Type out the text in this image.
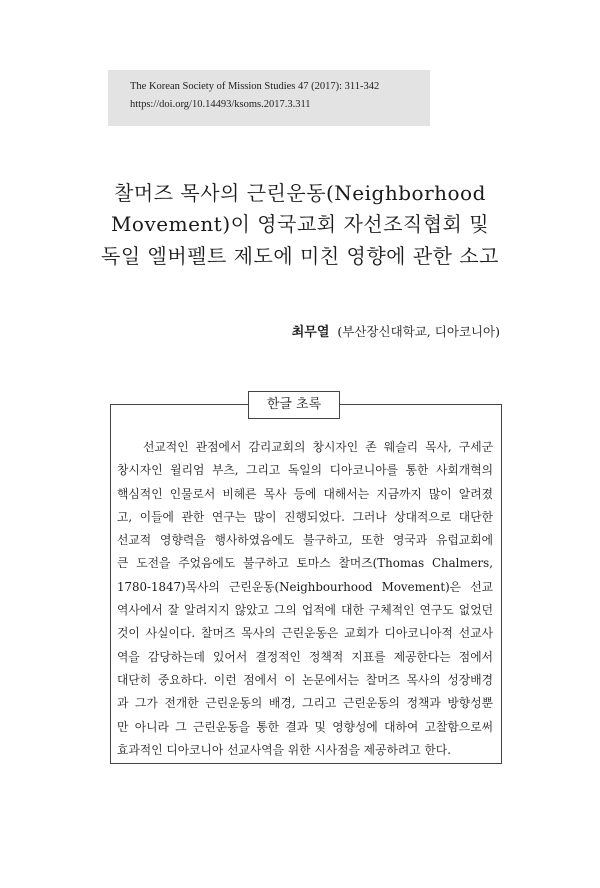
The Korean Society of Mission Studies 47 (2017): 311-342
https://doi.org/10.14493/ksoms.2017.3.311
찰머즈 목사의 근린운동(Neighborhood
Movement)이 영국교회 자선조직협회 및
독일 엘버펠트 제도에 미친 영향에 관한 소고
최무열 (부산장신대학교, 디아코니아)
한글 초록
선교적인 관점에서 감리교회의 창시자인 존 웨슬리 목사, 구세군
창시자인 윌리엄 부츠, 그리고 독일의 디아코니아를 통한 사회개혁의
핵심적인 인물로서 비헤른 목사 등에 대해서는 지금까지 많이 알려졌
고, 이들에 관한 연구는 많이 진행되었다. 그러나 상대적으로 대단한
선교적 영향력을 행사하였음에도 불구하고, 또한 영국과 유럽교회에
큰 도전을 주었음에도 불구하고 토마스 찰머즈(Thomas Chalmers,
1780-1847)목사의 근린운동(Neighbourhood Movement)은 선교
역사에서 잘 알려지지 않았고 그의 업적에 대한 구체적인 연구도 없었던
것이 사실이다. 찰머즈 목사의 근린운동은 교회가 디아코니아적 선교사
역을 감당하는데 있어서 결정적인 정책적 지표를 제공한다는 점에서
대단히 중요하다. 이런 점에서 이 논문에서는 찰머즈 목사의 성장배경
과 그가 전개한 근린운동의 배경, 그리고 근린운동의 정책과 방향성뿐
만 아니라 그 근린운동을 통한 결과 및 영향성에 대하여 고찰함으로써
효과적인 디아코니아 선교사역을 위한 시사점을 제공하려고 한다.
